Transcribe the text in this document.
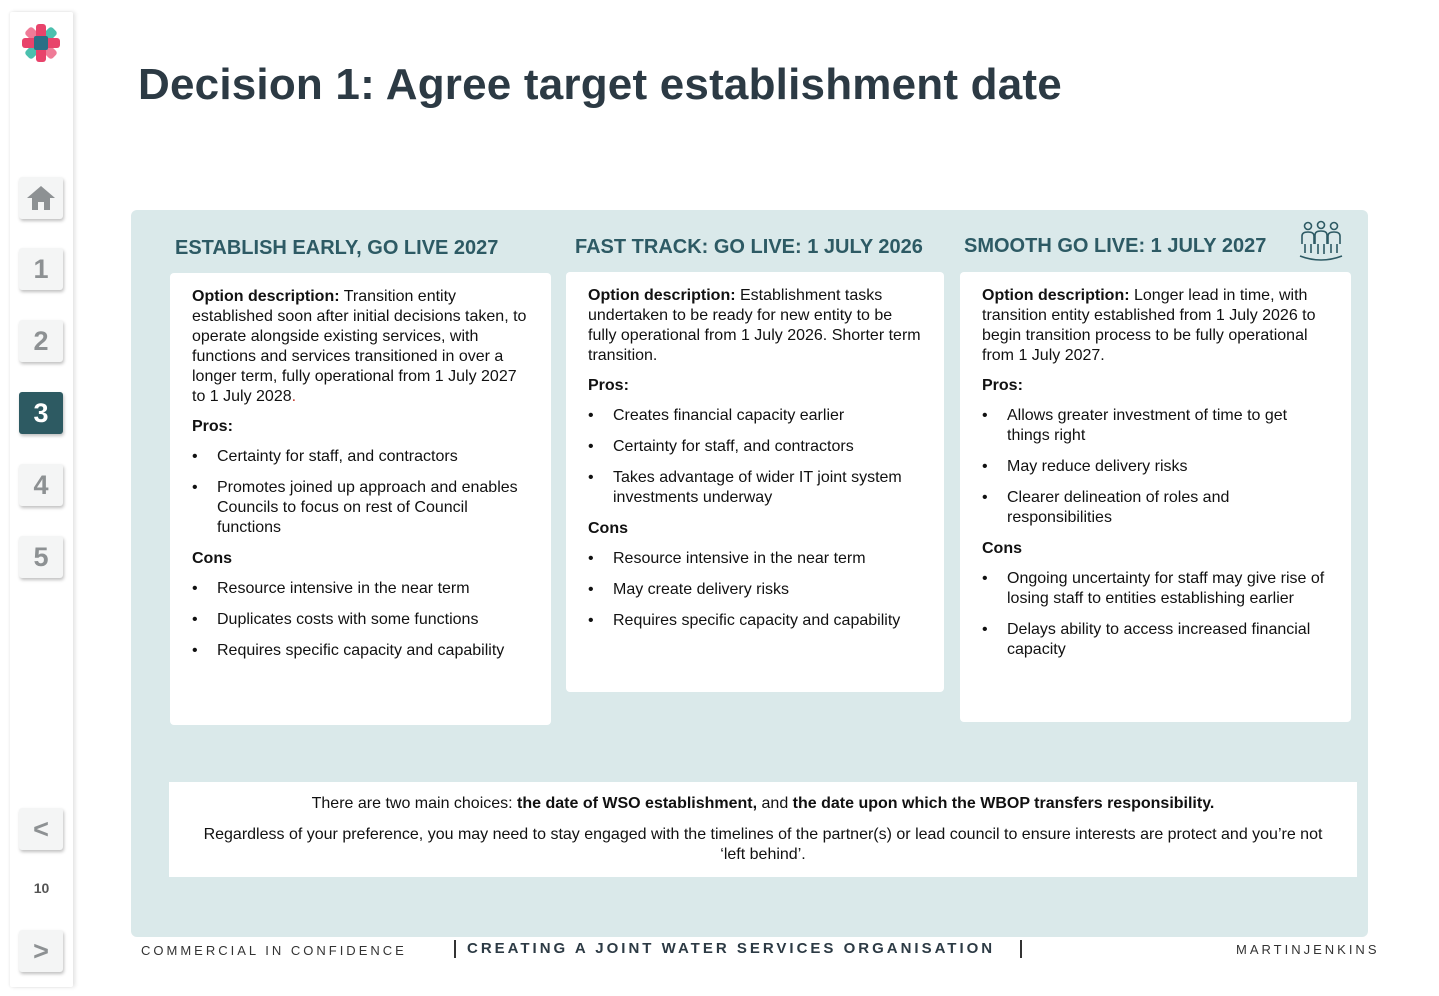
1
2
3
4
5
<
10
>
Decision 1: Agree target establishment date
ESTABLISH EARLY, GO LIVE 2027	FAST TRACK: GO LIVE: 1 JULY 2026 SMOOTH GO LIVE: 1 JULY 2027

Option description: Transition entity established soon after initial decisions taken, to operate alongside existing services, with functions and services transitioned in over a longer term, fully operational from 1 July 2027 to 1 July 2028.

Pros:
• Certainty for staff, and contractors
• Promotes joined up approach and enables Councils to focus on rest of Council functions
Cons
• Resource intensive in the near term
• Duplicates costs with some functions
• Requires specific capacity and capability

Option description: Establishment tasks undertaken to be ready for new entity to be fully operational from 1 July 2026. Shorter term transition.

Pros:
• Creates financial capacity earlier
• Certainty for staff, and contractors
• Takes advantage of wider IT joint system investments underway
Cons
• Resource intensive in the near term
• May create delivery risks
• Requires specific capacity and capability

Option description: Longer lead in time, with transition entity established from 1 July 2026 to begin transition process to be fully operational from 1 July 2027.

Pros:
• Allows greater investment of time to get things right
• May reduce delivery risks
• Clearer delineation of roles and responsibilities
Cons
• Ongoing uncertainty for staff may give rise of losing staff to entities establishing earlier
• Delays ability to access increased financial capacity

There are two main choices: the date of WSO establishment, and the date upon which the WBOP transfers responsibility.

Regardless of your preference, you may need to stay engaged with the timelines of the partner(s) or lead council to ensure interests are protect and you’re not ‘left behind’.

COMMERCIAL IN CONFIDENCE	CREATING A JOINT WATER SERVICES ORGANISATION	MARTINJENKINS
